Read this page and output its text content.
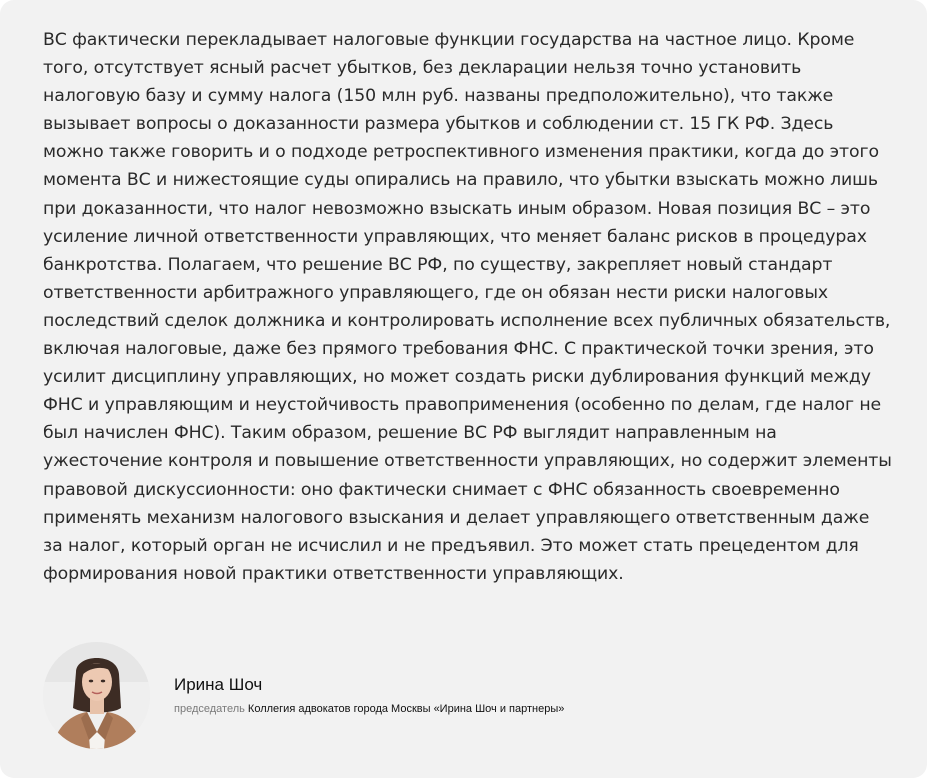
ВС фактически перекладывает налоговые функции государства на частное лицо. Кроме того, отсутствует ясный расчет убытков, без декларации нельзя точно установить налоговую базу и сумму налога (150 млн руб. названы предположительно), что также вызывает вопросы о доказанности размера убытков и соблюдении ст. 15 ГК РФ. Здесь можно также говорить и о подходе ретроспективного изменения практики, когда до этого момента ВС и нижестоящие суды опирались на правило, что убытки взыскать можно лишь при доказанности, что налог невозможно взыскать иным образом. Новая позиция ВС – это усиление личной ответственности управляющих, что меняет баланс рисков в процедурах банкротства. Полагаем, что решение ВС РФ, по существу, закрепляет новый стандарт ответственности арбитражного управляющего, где он обязан нести риски налоговых последствий сделок должника и контролировать исполнение всех публичных обязательств, включая налоговые, даже без прямого требования ФНС. С практической точки зрения, это усилит дисциплину управляющих, но может создать риски дублирования функций между ФНС и управляющим и неустойчивость правоприменения (особенно по делам, где налог не был начислен ФНС). Таким образом, решение ВС РФ выглядит направленным на ужесточение контроля и повышение ответственности управляющих, но содержит элементы правовой дискуссионности: оно фактически снимает с ФНС обязанность своевременно применять механизм налогового взыскания и делает управляющего ответственным даже за налог, который орган не исчислил и не предъявил. Это может стать прецедентом для формирования новой практики ответственности управляющих.

Ирина Шоч
председатель Коллегия адвокатов города Москвы «Ирина Шоч и партнеры»
